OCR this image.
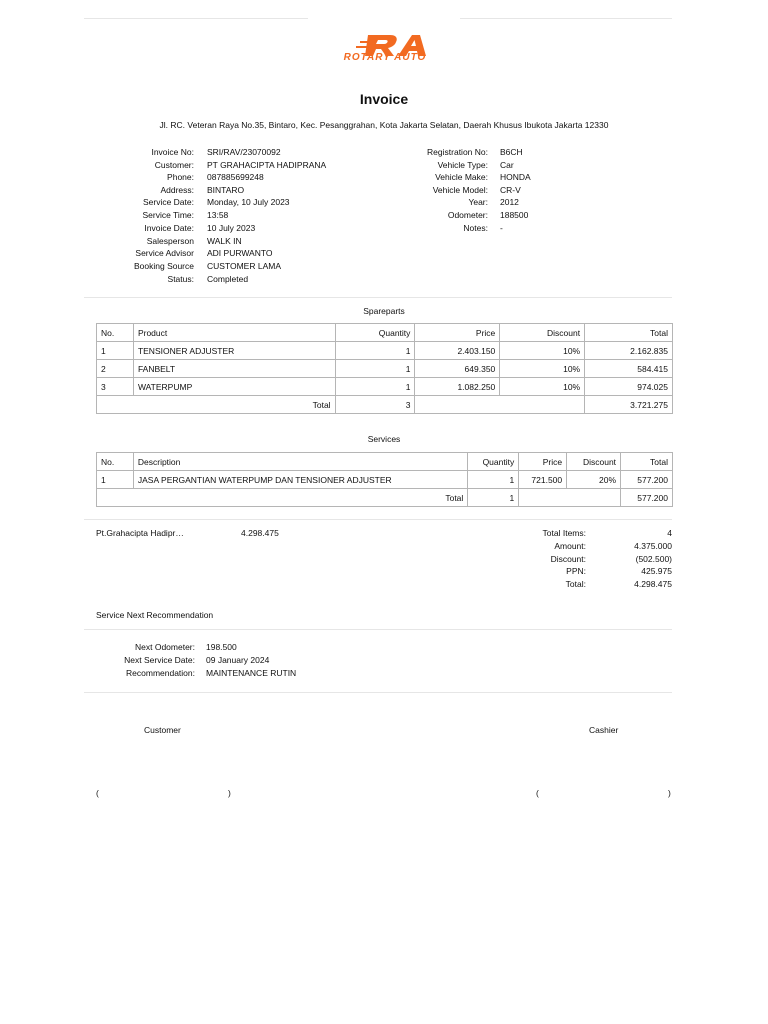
ROTARY AUTO
Invoice
Jl. RC. Veteran Raya No.35, Bintaro, Kec. Pesanggrahan, Kota Jakarta Selatan, Daerah Khusus Ibukota Jakarta 12330
Invoice No: SRI/RAV/23070092
Customer: PT GRAHACIPTA HADIPRANA
Phone: 087885699248
Address: BINTARO
Service Date: Monday, 10 July 2023
Service Time: 13:58
Invoice Date: 10 July 2023
Salesperson WALK IN
Service Advisor ADI PURWANTO
Booking Source CUSTOMER LAMA
Status: Completed
Registration No: B6CH
Vehicle Type: Car
Vehicle Make: HONDA
Vehicle Model: CR-V
Year: 2012
Odometer: 188500
Notes: -
Spareparts
No.	Product	Quantity	Price	Discount	Total
1	TENSIONER ADJUSTER	1	2.403.150	10%	2.162.835
2	FANBELT	1	649.350	10%	584.415
3	WATERPUMP	1	1.082.250	10%	974.025
Total		3			3.721.275
Services
No.	Description	Quantity	Price	Discount	Total
1	JASA PERGANTIAN WATERPUMP DAN TENSIONER ADJUSTER	1	721.500	20%	577.200
Total		1			577.200
Pt.Grahacipta Hadipr…	4.298.475	Total Items:	4
Amount:	4.375.000
Discount:	(502.500)
PPN:	425.975
Total:	4.298.475
Service Next Recommendation
Next Odometer: 198.500
Next Service Date: 09 January 2024
Recommendation: MAINTENANCE RUTIN
Customer	Cashier
(	)	(	)
